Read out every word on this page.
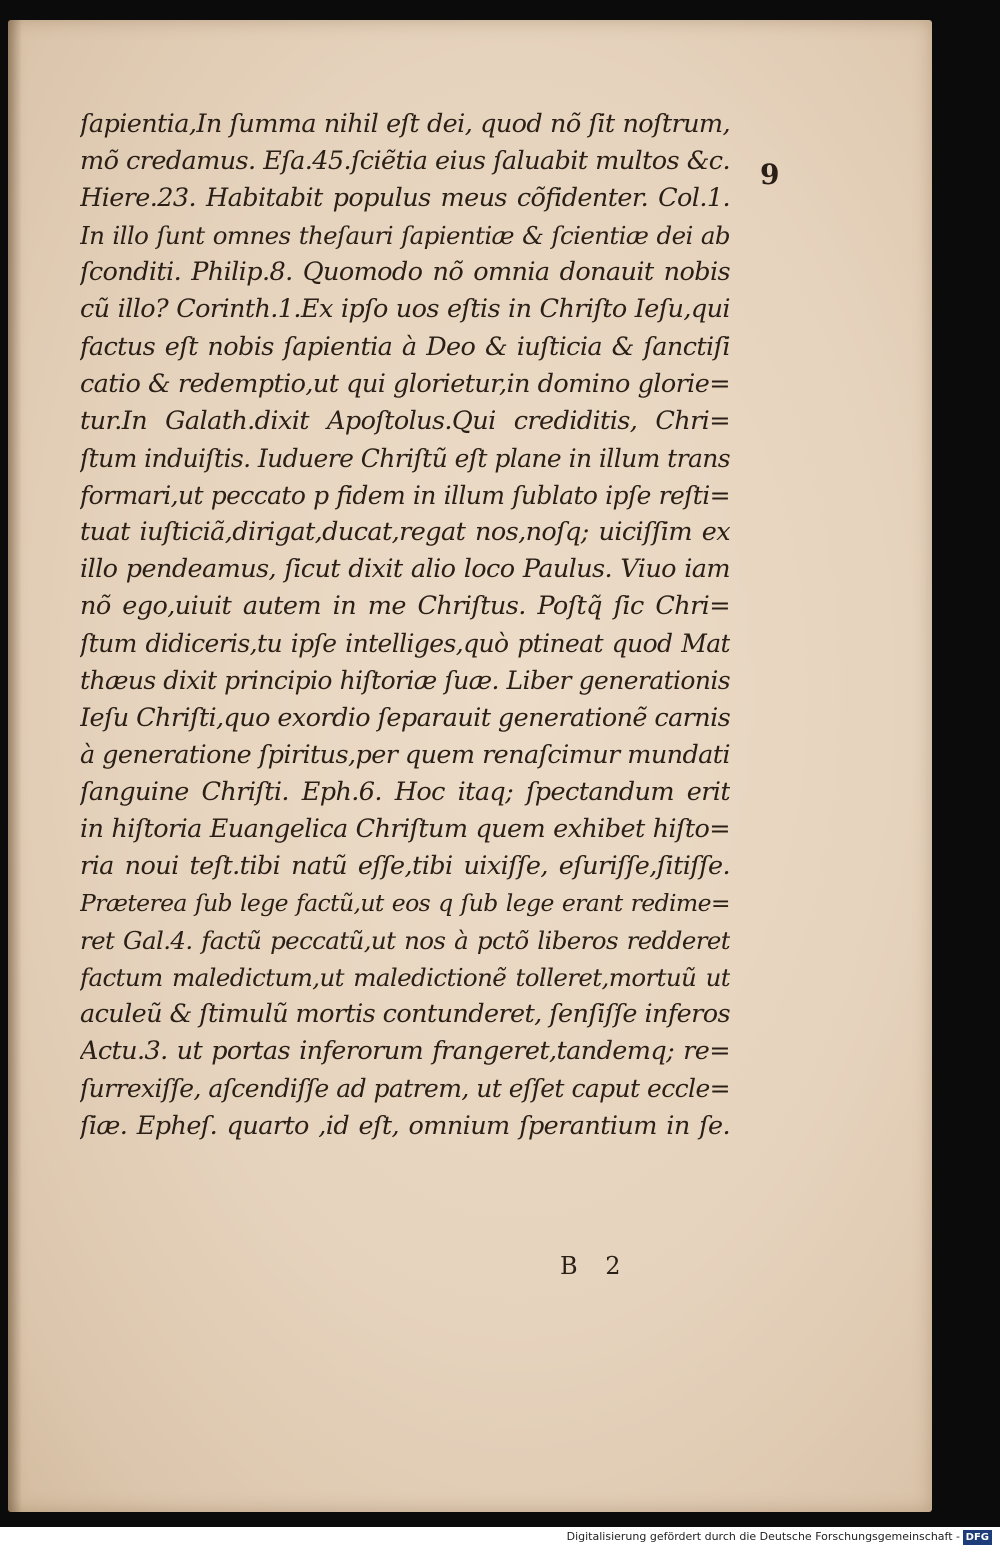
9
ſapientia,In ſumma nihil eſt dei, quod nõ ſit noſtrum,
mõ credamus. Eſa.45.ſciẽtia eius ſaluabit multos &c.
Hiere.23. Habitabit populus meus cõfidenter. Col.1.
In illo ſunt omnes theſauri ſapientiæ & ſcientiæ dei ab
ſconditi. Philip.8. Quomodo nõ omnia donauit nobis
cũ illo? Corinth.1.Ex ipſo uos eſtis in Chriſto Ieſu,qui
factus eſt nobis ſapientia à Deo & iuſticia & ſanctiſi
catio & redemptio,ut qui glorietur,in domino glorie=
tur.In Galath.dixit Apoſtolus.Qui crediditis, Chri=
ſtum induiſtis. Iuduere Chriſtũ eſt plane in illum trans
formari,ut peccato p fidem in illum ſublato ipſe reſti=
tuat iuſticiã,dirigat,ducat,regat nos,noſq; uiciſſim ex
illo pendeamus, ſicut dixit alio loco Paulus. Viuo iam
nõ ego,uiuit autem in me Chriſtus. Poſtq̃ ſic Chri=
ſtum didiceris,tu ipſe intelliges,quò ptineat quod Mat
thæus dixit principio hiſtoriæ ſuæ. Liber generationis
Ieſu Chriſti,quo exordio ſeparauit generationẽ carnis
à generatione ſpiritus,per quem renaſcimur mundati
ſanguine Chriſti. Eph.6. Hoc itaq; ſpectandum erit
in hiſtoria Euangelica Chriſtum quem exhibet hiſto=
ria noui teſt.tibi natũ eſſe,tibi uixiſſe, eſuriſſe,ſitiſſe.
Præterea ſub lege factũ,ut eos q ſub lege erant redime=
ret Gal.4. factũ peccatũ,ut nos à pctõ liberos redderet
factum maledictum,ut maledictionẽ tolleret,mortuũ ut
aculeũ & ſtimulũ mortis contunderet, ſenſiſſe inferos
Actu.3. ut portas inferorum frangeret,tandemq; re=
ſurrexiſſe, aſcendiſſe ad patrem, ut eſſet caput eccle=
ſiæ. Epheſ. quarto ,id eſt, omnium ſperantium in ſe.
B 2
Digitalisierung gefördert durch die Deutsche Forschungsgemeinschaft - DFG
